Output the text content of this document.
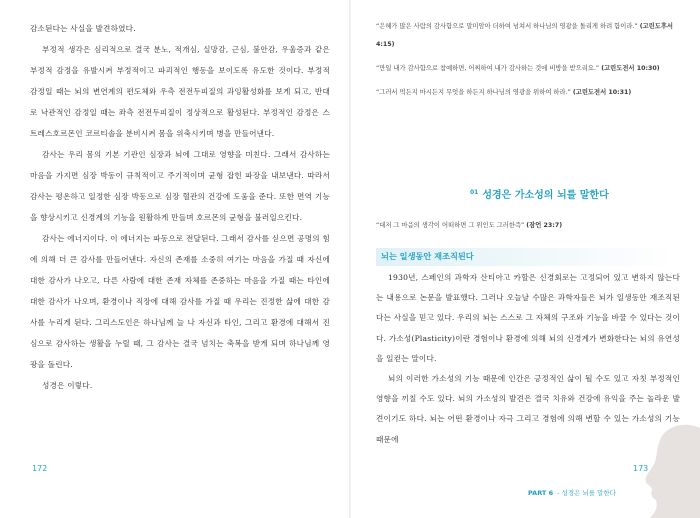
감소된다는 사실을 발견하였다.

부정적 생각은 심리적으로 결국 분노, 적개심, 실망감, 근심, 불안감, 우울증과 같은 부정적 감정을 유발시켜 부정적이고 파괴적인 행동을 보이도록 유도한 것이다. 부정적 감정일 때는 뇌의 변연계의 편도체와 우측 전전두피질의 과잉활성화를 보게 되고, 반대로 낙관적인 감정일 때는 좌측 전전두피질이 정상적으로 활성된다. 부정적인 감정은 스트레스호르몬인 코르티솔을 분비시켜 몸을 위축시키며 병을 만들어낸다.

감사는 우리 몸의 기본 기관인 심장과 뇌에 그대로 영향을 미친다. 그래서 감사하는 마음을 가지면 심장 박동이 규칙적이고 주기적이며 균형 잡힌 파장을 내보낸다. 따라서 감사는 평온하고 일정한 심장 박동으로 심장 혈관의 건강에 도움을 준다. 또한 면역 기능을 향상시키고 신경계의 기능을 원활하게 만들며 호르몬의 균형을 불러일으킨다.

감사는 에너지이다. 이 에너지는 파동으로 전달된다. 그래서 감사를 싣으면 공명의 힘에 의해 더 큰 감사를 만들어낸다. 자신의 존재를 소중히 여기는 마음을 가질 때 자신에 대한 감사가 나오고, 다른 사람에 대한 존재 자체를 존중하는 마음을 가질 때는 타인에 대한 감사가 나오며, 환경이나 직장에 대해 감사를 가질 때 우리는 진정한 삶에 대한 감사를 누리게 된다. 그리스도인은 하나님께 늘 나 자신과 타인, 그리고 환경에 대해서 진심으로 감사하는 생활을 누릴 때, 그 감사는 결국 넘치는 축복을 받게 되며 하나님께 영광을 돌린다.

성경은 이렇다.

172
“은혜가 많은 사람의 감사함으로 말미암아 더하여 넘쳐서 하나님의 영광을 돌리게 하려 함이라.” (고린도후서 4:15)
“만일 내가 감사함으로 참예하면, 어찌하여 내가 감사하는 것에 비방을 받으리요.” (고린도전서 10:30)
“그러서 먹든지 마시든지 무엇을 하든지 하나님의 영광을 위하여 하라.” (고린도전서 10:31)
$^{01}$ 성경은 가소성의 뇌를 말한다
“대저 그 마음의 생각이 어떠하면 그 위인도 그러한즉” (잠언 23:7)
뇌는 일생동안 재조직된다

1930년, 스페인의 과학자 산티아고 카할은 신경회로는 고정되어 있고 변하지 않는다는 내용으로 논문을 발표했다. 그러나 오늘날 수많은 과학자들은 뇌가 일생동안 재조직된다는 사실을 믿고 있다. 우리의 뇌는 스스로 그 자체의 구조와 기능을 바꿀 수 있다는 것이다. 가소성(Plasticity)이란 경험이나 환경에 의해 뇌의 신경계가 변화한다는 뇌의 유연성을 일컫는 말이다.

뇌의 이러한 가소성의 기능 때문에 인간은 긍정적인 삶이 될 수도 있고 자칫 부정적인 영향을 끼칠 수도 있다. 뇌의 가소성의 발견은 결국 치유와 건강에 유익을 주는 놀라운 발견이기도 하다. 뇌는 어떤 환경이나 자극 그리고 경험에 의해 변할 수 있는 가소성의 기능 때문에

173
PART 6 - 성경은 뇌를 말한다
